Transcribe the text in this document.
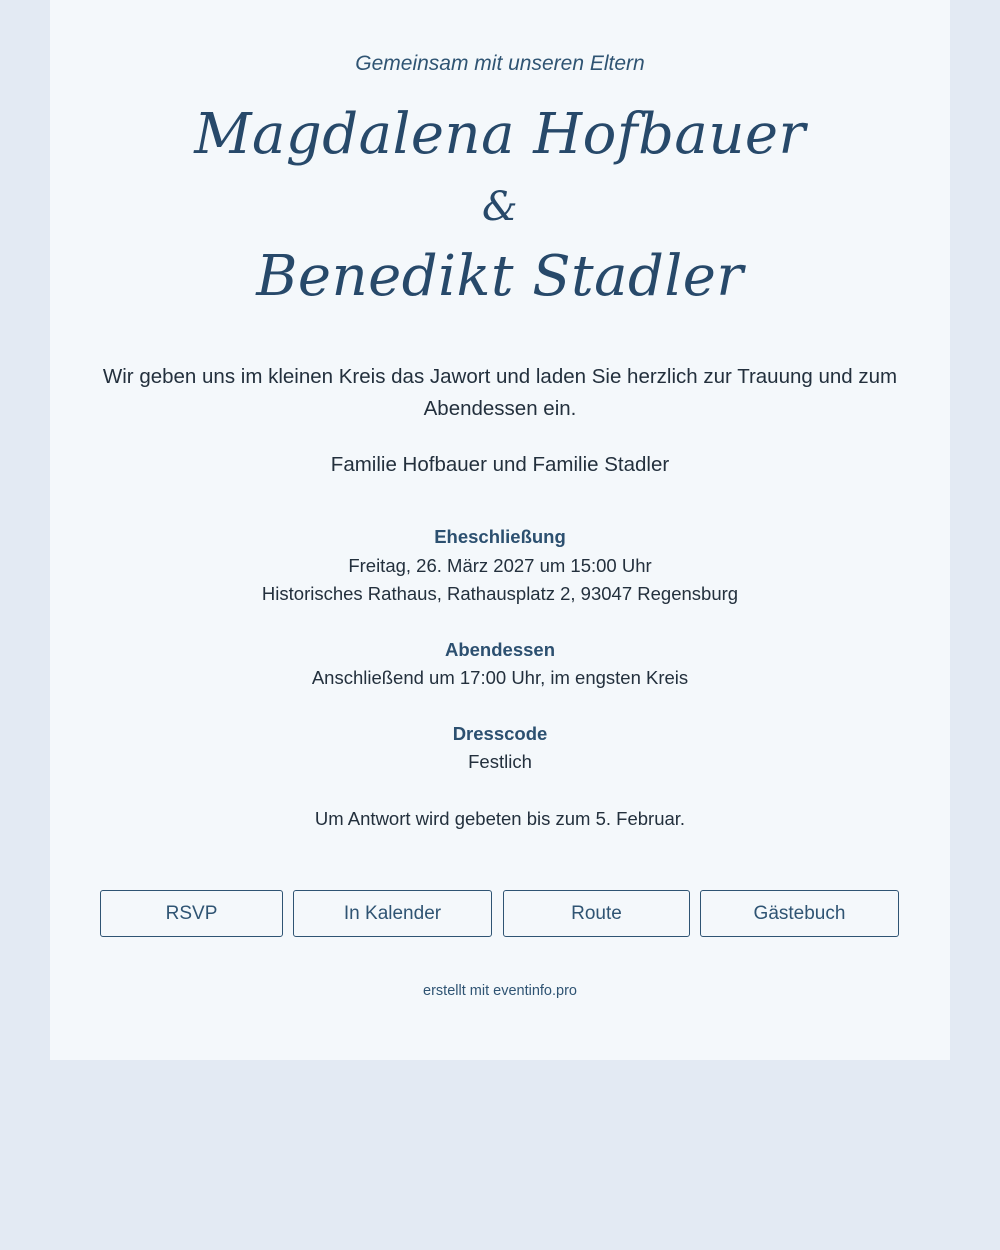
Gemeinsam mit unseren Eltern
Magdalena Hofbauer
&
Benedikt Stadler
Wir geben uns im kleinen Kreis das Jawort und laden Sie herzlich zur Trauung und zum Abendessen ein.
Familie Hofbauer und Familie Stadler
Eheschließung
Freitag, 26. März 2027 um 15:00 Uhr
Historisches Rathaus, Rathausplatz 2, 93047 Regensburg
Abendessen
Anschließend um 17:00 Uhr, im engsten Kreis
Dresscode
Festlich
Um Antwort wird gebeten bis zum 5. Februar.
RSVP	In Kalender	Route	Gästebuch
erstellt mit eventinfo.pro
